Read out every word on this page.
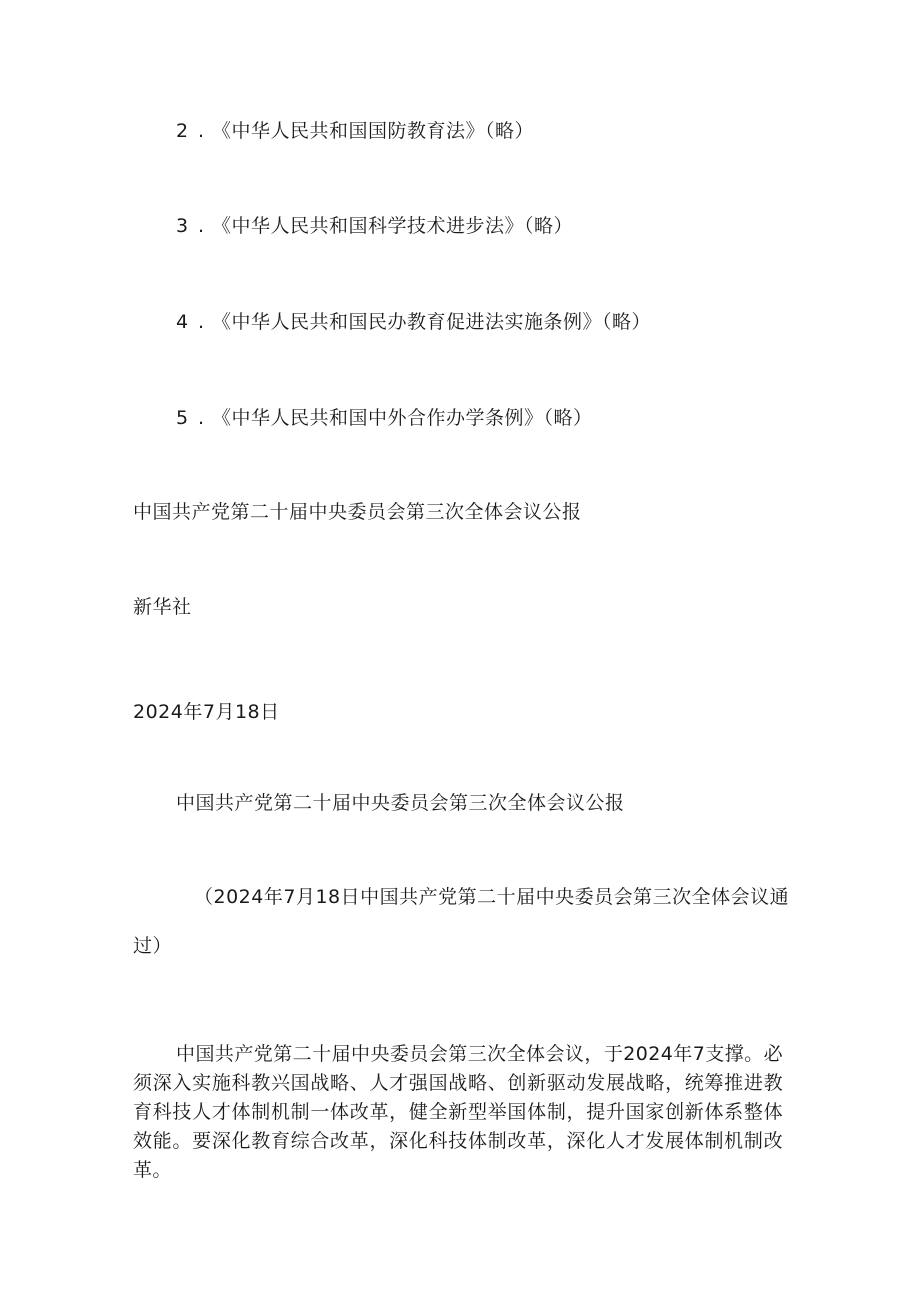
2 . 《中华人民共和国国防教育法》（略）
3 . 《中华人民共和国科学技术进步法》（略）
4 . 《中华人民共和国民办教育促进法实施条例》（略）
5 . 《中华人民共和国中外合作办学条例》（略）
中国共产党第二十届中央委员会第三次全体会议公报
新华社
2024年7月18日
中国共产党第二十届中央委员会第三次全体会议公报
（2024年7月18日中国共产党第二十届中央委员会第三次全体会议通
过）
中国共产党第二十届中央委员会第三次全体会议，于2024年7支撑。必须深入实施科教兴国战略、人才强国战略、创新驱动发展战略，统筹推进教育科技人才体制机制一体改革，健全新型举国体制，提升国家创新体系整体效能。要深化教育综合改革，深化科技体制改革，深化人才发展体制机制改革。
